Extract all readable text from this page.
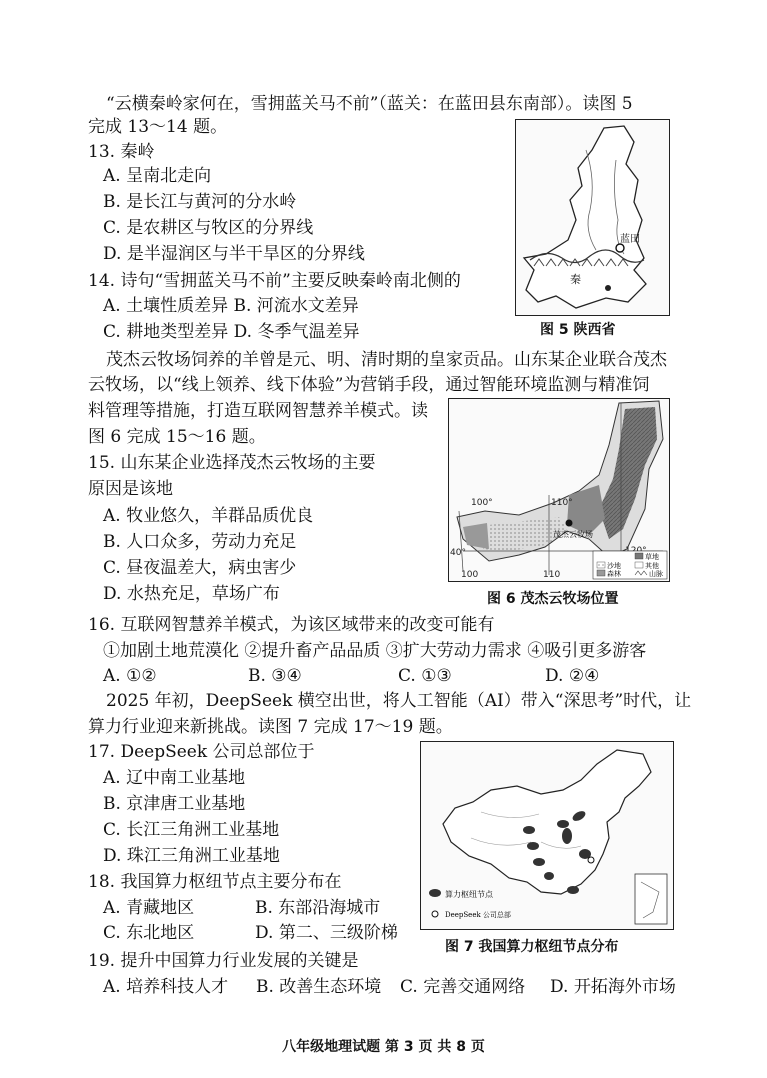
“云横秦岭家何在，雪拥蓝关马不前”（蓝关：在蓝田县东南部）。读图 5
完成 13～14 题。
13. 秦岭
A. 呈南北走向
B. 是长江与黄河的分水岭
C. 是农耕区与牧区的分界线
D. 是半湿润区与半干旱区的分界线
14. 诗句“雪拥蓝关马不前”主要反映秦岭南北侧的
A. 土壤性质差异 B. 河流水文差异
C. 耕地类型差异 D. 冬季气温差异
蓝田
秦
图 5 陕西省
茂杰云牧场饲养的羊曾是元、明、清时期的皇家贡品。山东某企业联合茂杰
云牧场，以“线上领养、线下体验”为营销手段，通过智能环境监测与精准饲
料管理等措施，打造互联网智慧养羊模式。读
图 6 完成 15～16 题。
15. 山东某企业选择茂杰云牧场的主要
原因是该地
A. 牧业悠久，羊群品质优良
B. 人口众多，劳动力充足
C. 昼夜温差大，病虫害少
D. 水热充足，草场广布
茂杰云牧场
100°	110°
40°
100	110
草地
沙地	其他
森林	山脉
图 6 茂杰云牧场位置
16. 互联网智慧养羊模式，为该区域带来的改变可能有
①加剧土地荒漠化 ②提升畜产品品质 ③扩大劳动力需求 ④吸引更多游客
A. ①②	B. ③④	C. ①③	D. ②④
2025 年初，DeepSeek 横空出世，将人工智能（AI）带入“深思考”时代，让
算力行业迎来新挑战。读图 7 完成 17～19 题。
17. DeepSeek 公司总部位于
A. 辽中南工业基地
B. 京津唐工业基地
C. 长江三角洲工业基地
D. 珠江三角洲工业基地
18. 我国算力枢纽节点主要分布在
A. 青藏地区	B. 东部沿海城市
C. 东北地区	D. 第二、三级阶梯
算力枢纽节点
DeepSeek 公司总部
图 7 我国算力枢纽节点分布
19. 提升中国算力行业发展的关键是
A. 培养科技人才 B. 改善生态环境 C. 完善交通网络 D. 开拓海外市场
八年级地理试题 第 3 页 共 8 页
